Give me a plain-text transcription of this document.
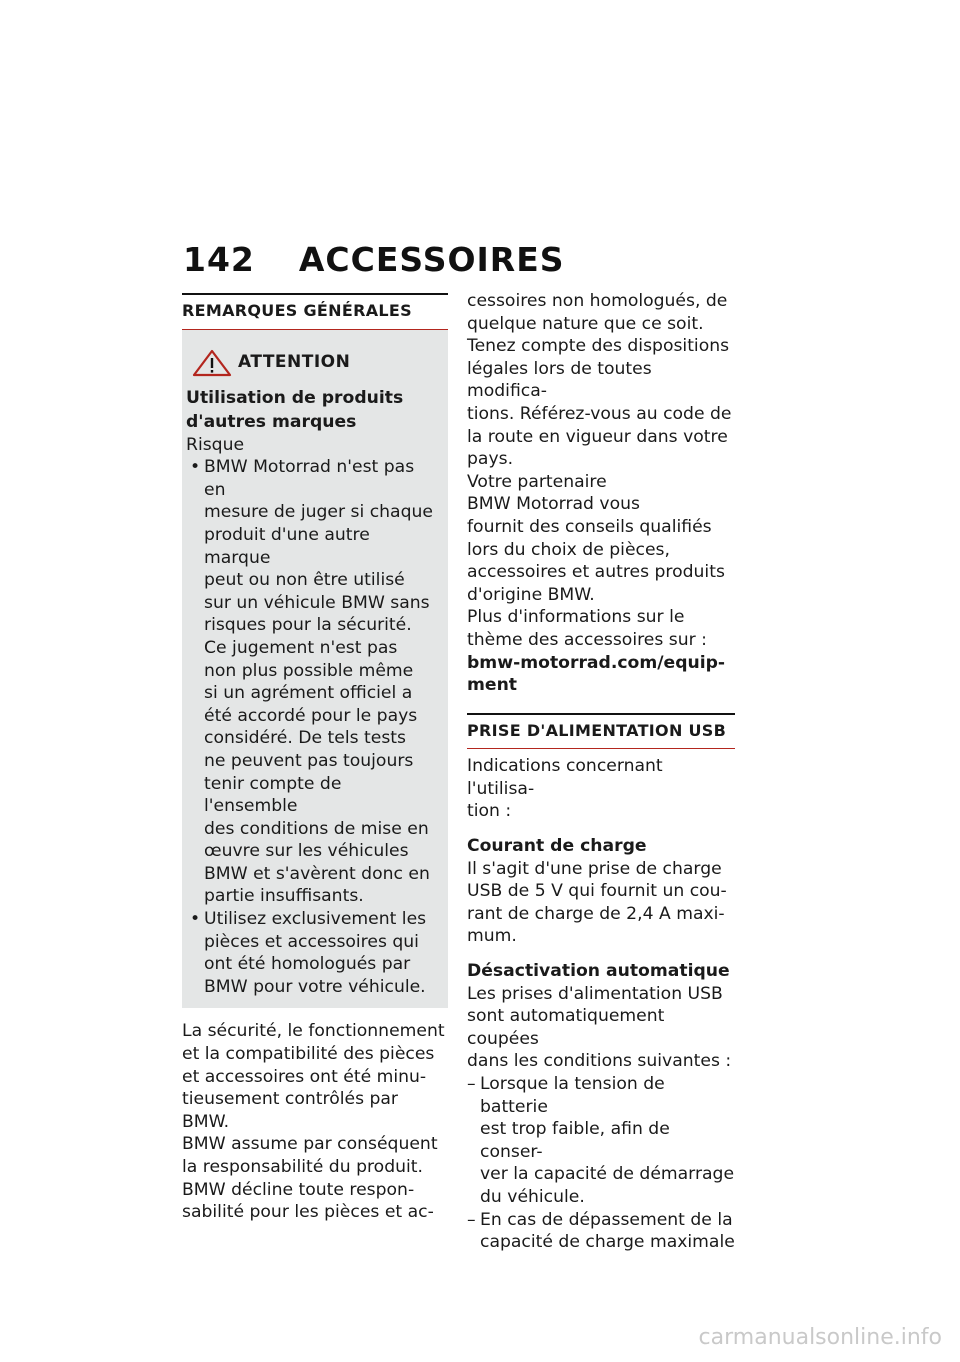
142 ACCESSOIRES
REMARQUES GÉNÉRALES
ATTENTION
Utilisation de produits
d'autres marques
Risque
• BMW Motorrad n'est pas en
mesure de juger si chaque
produit d'une autre marque
peut ou non être utilisé
sur un véhicule BMW sans
risques pour la sécurité.
Ce jugement n'est pas
non plus possible même
si un agrément officiel a
été accordé pour le pays
considéré. De tels tests
ne peuvent pas toujours
tenir compte de l'ensemble
des conditions de mise en
œuvre sur les véhicules
BMW et s'avèrent donc en
partie insuffisants.
• Utilisez exclusivement les
pièces et accessoires qui
ont été homologués par
BMW pour votre véhicule.
La sécurité, le fonctionnement
et la compatibilité des pièces
et accessoires ont été minu-
tieusement contrôlés par BMW.
BMW assume par conséquent
la responsabilité du produit.
BMW décline toute respon-
sabilité pour les pièces et ac-
cessoires non homologués, de
quelque nature que ce soit.
Tenez compte des dispositions
légales lors de toutes modifica-
tions. Référez-vous au code de
la route en vigueur dans votre
pays.
Votre partenaire
BMW Motorrad vous
fournit des conseils qualifiés
lors du choix de pièces,
accessoires et autres produits
d'origine BMW.
Plus d'informations sur le
thème des accessoires sur :
bmw-motorrad.com/equip-
ment
PRISE D'ALIMENTATION USB
Indications concernant l'utilisa-
tion :
Courant de charge
Il s'agit d'une prise de charge
USB de 5 V qui fournit un cou-
rant de charge de 2,4 A maxi-
mum.
Désactivation automatique
Les prises d'alimentation USB
sont automatiquement coupées
dans les conditions suivantes :
– Lorsque la tension de batterie
est trop faible, afin de conser-
ver la capacité de démarrage
du véhicule.
– En cas de dépassement de la
capacité de charge maximale
carmanualsonline.info
